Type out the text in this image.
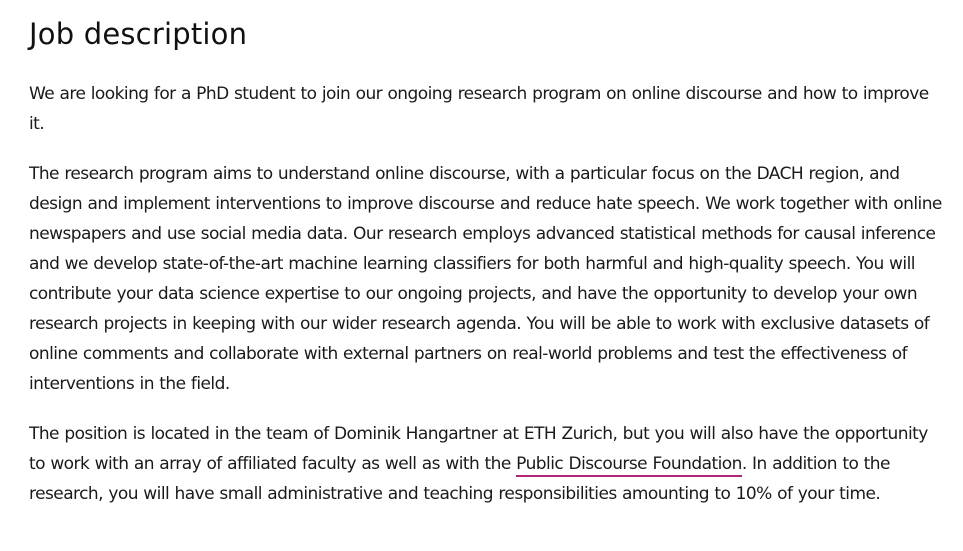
Job description

We are looking for a PhD student to join our ongoing research program on online discourse and how to improve it.

The research program aims to understand online discourse, with a particular focus on the DACH region, and design and implement interventions to improve discourse and reduce hate speech. We work together with online newspapers and use social media data. Our research employs advanced statistical methods for causal inference and we develop state-of-the-art machine learning classifiers for both harmful and high-quality speech. You will contribute your data science expertise to our ongoing projects, and have the opportunity to develop your own research projects in keeping with our wider research agenda. You will be able to work with exclusive datasets of online comments and collaborate with external partners on real-world problems and test the effectiveness of interventions in the field.

The position is located in the team of Dominik Hangartner at ETH Zurich, but you will also have the opportunity to work with an array of affiliated faculty as well as with the Public Discourse Foundation. In addition to the research, you will have small administrative and teaching responsibilities amounting to 10% of your time.
